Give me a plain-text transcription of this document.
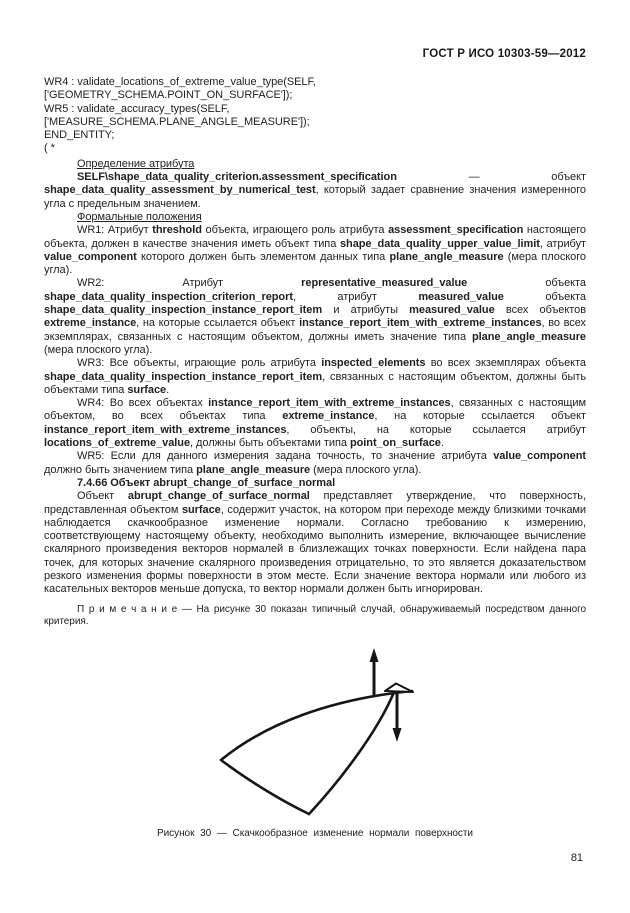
ГОСТ Р ИСО 10303-59—2012
WR4 : validate_locations_of_extreme_value_type(SELF,
['GEOMETRY_SCHEMA.POINT_ON_SURFACE']);
WR5 : validate_accuracy_types(SELF,
['MEASURE_SCHEMA.PLANE_ANGLE_MEASURE']);
END_ENTITY;
( *
Определение атрибута
SELF\shape_data_quality_criterion.assessment_specification — объект shape_data_quality_assessment_by_numerical_test, который задает сравнение значения измеренного угла с предельным значением.
Формальные положения
WR1: Атрибут threshold объекта, играющего роль атрибута assessment_specification настоящего объекта, должен в качестве значения иметь объект типа shape_data_quality_upper_value_limit, атрибут value_component которого должен быть элементом данных типа plane_angle_measure (мера плоского угла).
WR2: Атрибут representative_measured_value объекта shape_data_quality_inspection_criterion_report, атрибут measured_value объекта shape_data_quality_inspection_instance_report_item и атрибуты measured_value всех объектов extreme_instance, на которые ссылается объект instance_report_item_with_extreme_instances, во всех экземплярах, связанных с настоящим объектом, должны иметь значение типа plane_angle_measure (мера плоского угла).
WR3: Все объекты, играющие роль атрибута inspected_elements во всех экземплярах объекта shape_data_quality_inspection_instance_report_item, связанных с настоящим объектом, должны быть объектами типа surface.
WR4: Во всех объектах instance_report_item_with_extreme_instances, связанных с настоящим объектом, во всех объектах типа extreme_instance, на которые ссылается объект instance_report_item_with_extreme_instances, объекты, на которые ссылается атрибут locations_of_extreme_value, должны быть объектами типа point_on_surface.
WR5: Если для данного измерения задана точность, то значение атрибута value_component должно быть значением типа plane_angle_measure (мера плоского угла).
7.4.66 Объект abrupt_change_of_surface_normal
Объект abrupt_change_of_surface_normal представляет утверждение, что поверхность, представленная объектом surface, содержит участок, на котором при переходе между близкими точками наблюдается скачкообразное изменение нормали. Согласно требованию к измерению, соответствующему настоящему объекту, необходимо выполнить измерение, включающее вычисление скалярного произведения векторов нормалей в близлежащих точках поверхности. Если найдена пара точек, для которых значение скалярного произведения отрицательно, то это является доказательством резкого изменения формы поверхности в этом месте. Если значение вектора нормали или любого из касательных векторов меньше допуска, то вектор нормали должен быть игнорирован.
П р и м е ч а н и е — На рисунке 30 показан типичный случай, обнаруживаемый посредством данного критерия.
Рисунок 30 — Скачкообразное изменение нормали поверхности
81
